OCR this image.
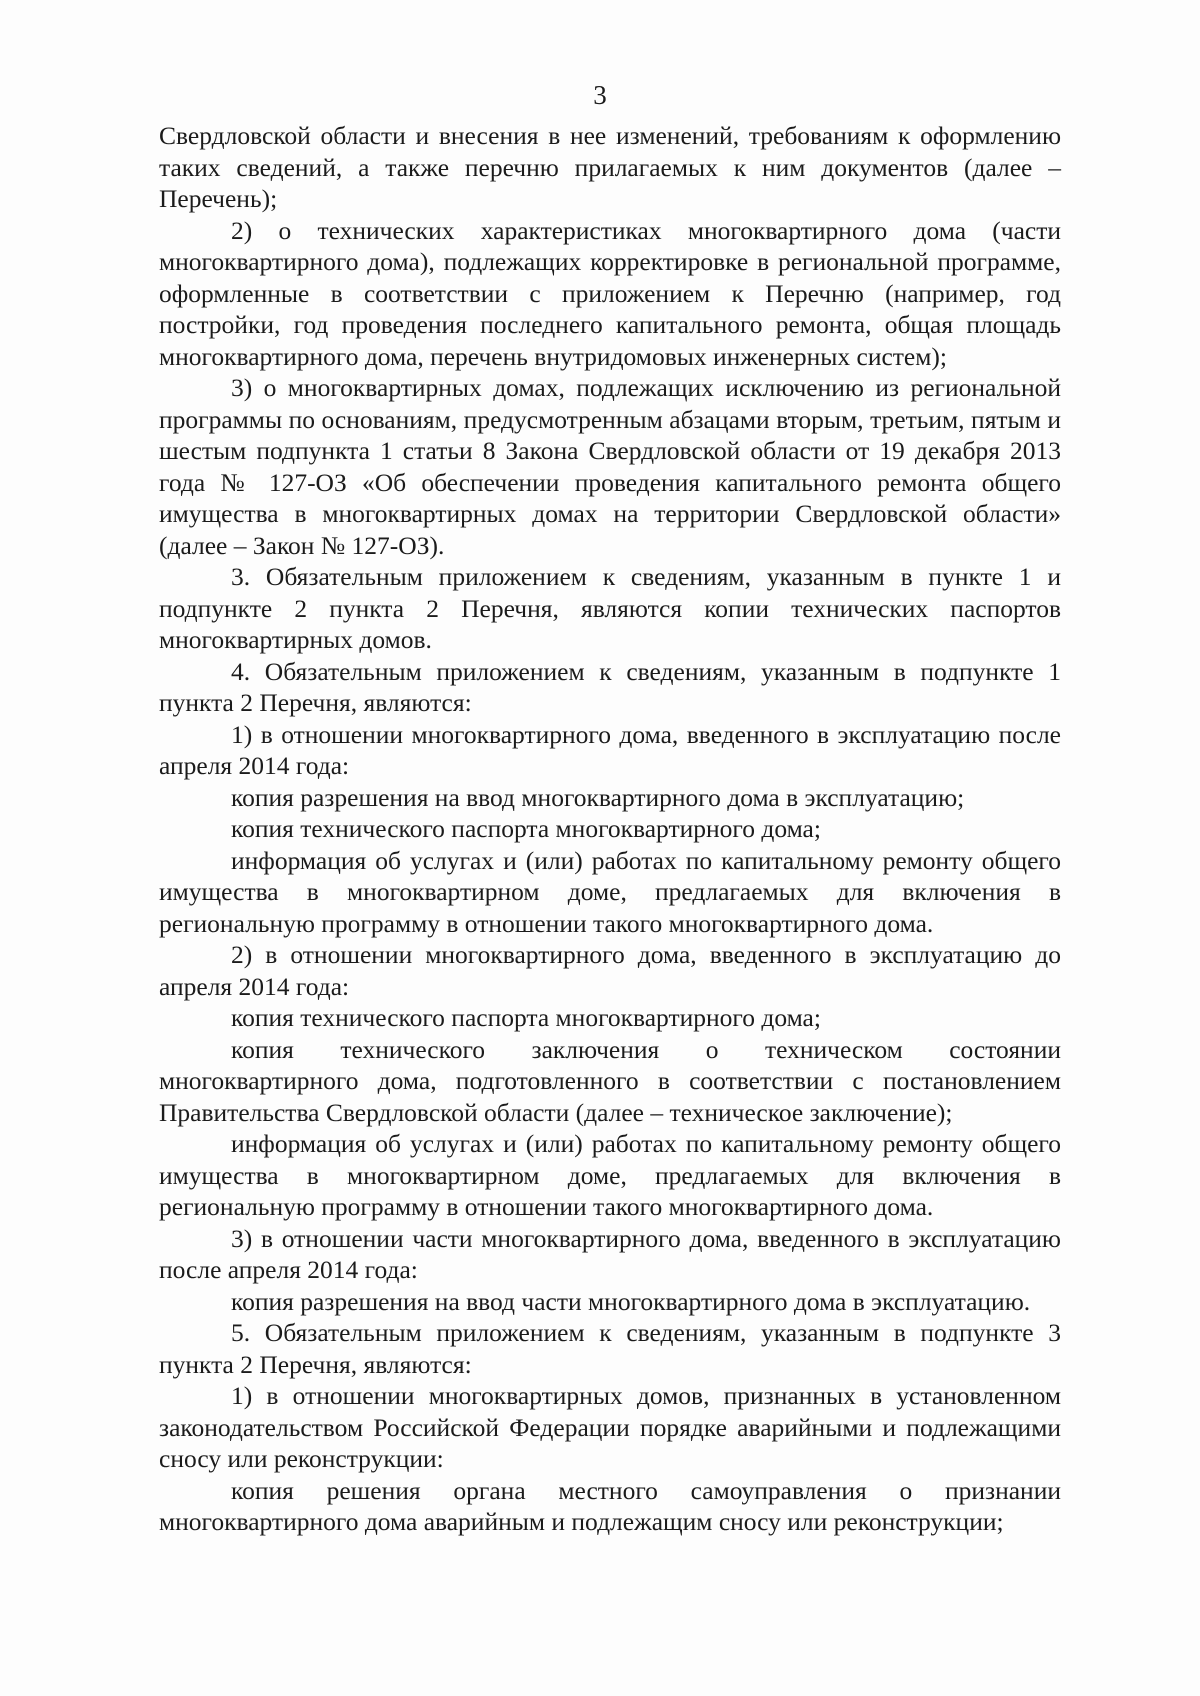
3

Свердловской области и внесения в нее изменений, требованиям к оформлению таких сведений, а также перечню прилагаемых к ним документов (далее – Перечень);

2) о технических характеристиках многоквартирного дома (части многоквартирного дома), подлежащих корректировке в региональной программе, оформленные в соответствии с приложением к Перечню (например, год постройки, год проведения последнего капитального ремонта, общая площадь многоквартирного дома, перечень внутридомовых инженерных систем);

3) о многоквартирных домах, подлежащих исключению из региональной программы по основаниям, предусмотренным абзацами вторым, третьим, пятым и шестым подпункта 1 статьи 8 Закона Свердловской области от 19 декабря 2013 года № 127-ОЗ «Об обеспечении проведения капитального ремонта общего имущества в многоквартирных домах на территории Свердловской области» (далее – Закон № 127-ОЗ).

3. Обязательным приложением к сведениям, указанным в пункте 1 и подпункте 2 пункта 2 Перечня, являются копии технических паспортов многоквартирных домов.

4. Обязательным приложением к сведениям, указанным в подпункте 1 пункта 2 Перечня, являются:

1) в отношении многоквартирного дома, введенного в эксплуатацию после апреля 2014 года:

копия разрешения на ввод многоквартирного дома в эксплуатацию;

копия технического паспорта многоквартирного дома;

информация об услугах и (или) работах по капитальному ремонту общего имущества в многоквартирном доме, предлагаемых для включения в региональную программу в отношении такого многоквартирного дома.

2) в отношении многоквартирного дома, введенного в эксплуатацию до апреля 2014 года:

копия технического паспорта многоквартирного дома;

копия технического заключения о техническом состоянии многоквартирного дома, подготовленного в соответствии с постановлением Правительства Свердловской области (далее – техническое заключение);

информация об услугах и (или) работах по капитальному ремонту общего имущества в многоквартирном доме, предлагаемых для включения в региональную программу в отношении такого многоквартирного дома.

3) в отношении части многоквартирного дома, введенного в эксплуатацию после апреля 2014 года:

копия разрешения на ввод части многоквартирного дома в эксплуатацию.

5. Обязательным приложением к сведениям, указанным в подпункте 3 пункта 2 Перечня, являются:

1) в отношении многоквартирных домов, признанных в установленном законодательством Российской Федерации порядке аварийными и подлежащими сносу или реконструкции:

копия решения органа местного самоуправления о признании многоквартирного дома аварийным и подлежащим сносу или реконструкции;
